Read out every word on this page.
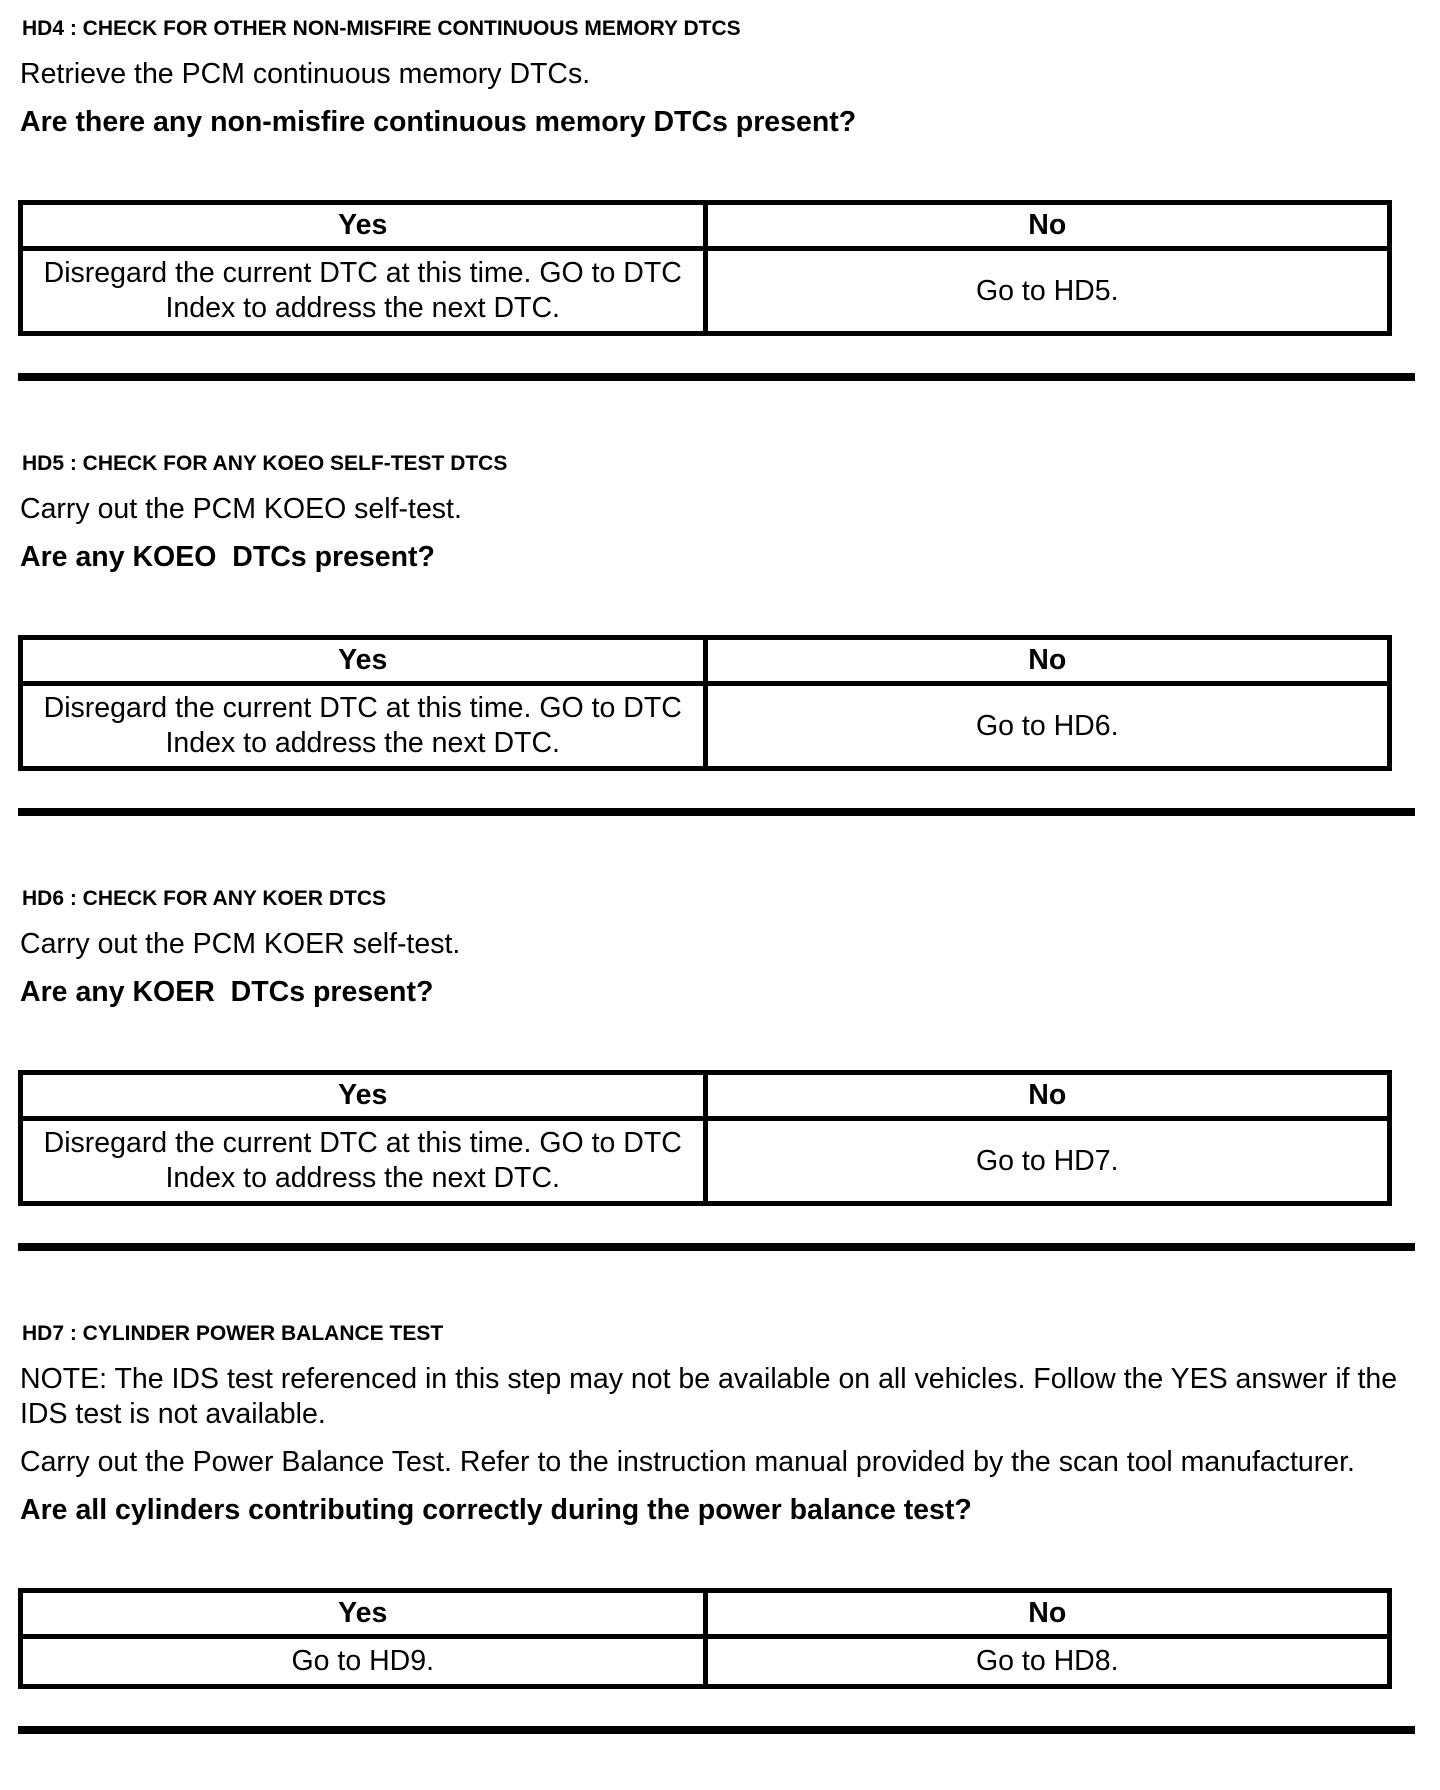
HD4 : CHECK FOR OTHER NON-MISFIRE CONTINUOUS MEMORY DTCS

Retrieve the PCM continuous memory DTCs.

Are there any non-misfire continuous memory DTCs present?

Yes	No
Disregard the current DTC at this time. GO to DTC Index to address the next DTC.	Go to HD5.
HD5 : CHECK FOR ANY KOEO SELF-TEST DTCS

Carry out the PCM KOEO self-test.

Are any KOEO  DTCs present?

Yes	No
Disregard the current DTC at this time. GO to DTC Index to address the next DTC.	Go to HD6.
HD6 : CHECK FOR ANY KOER DTCS

Carry out the PCM KOER self-test.

Are any KOER  DTCs present?

Yes	No
Disregard the current DTC at this time. GO to DTC Index to address the next DTC.	Go to HD7.
HD7 : CYLINDER POWER BALANCE TEST

NOTE: The IDS test referenced in this step may not be available on all vehicles. Follow the YES answer if the IDS test is not available.

Carry out the Power Balance Test. Refer to the instruction manual provided by the scan tool manufacturer.

Are all cylinders contributing correctly during the power balance test?

Yes	No
Go to HD9.	Go to HD8.
